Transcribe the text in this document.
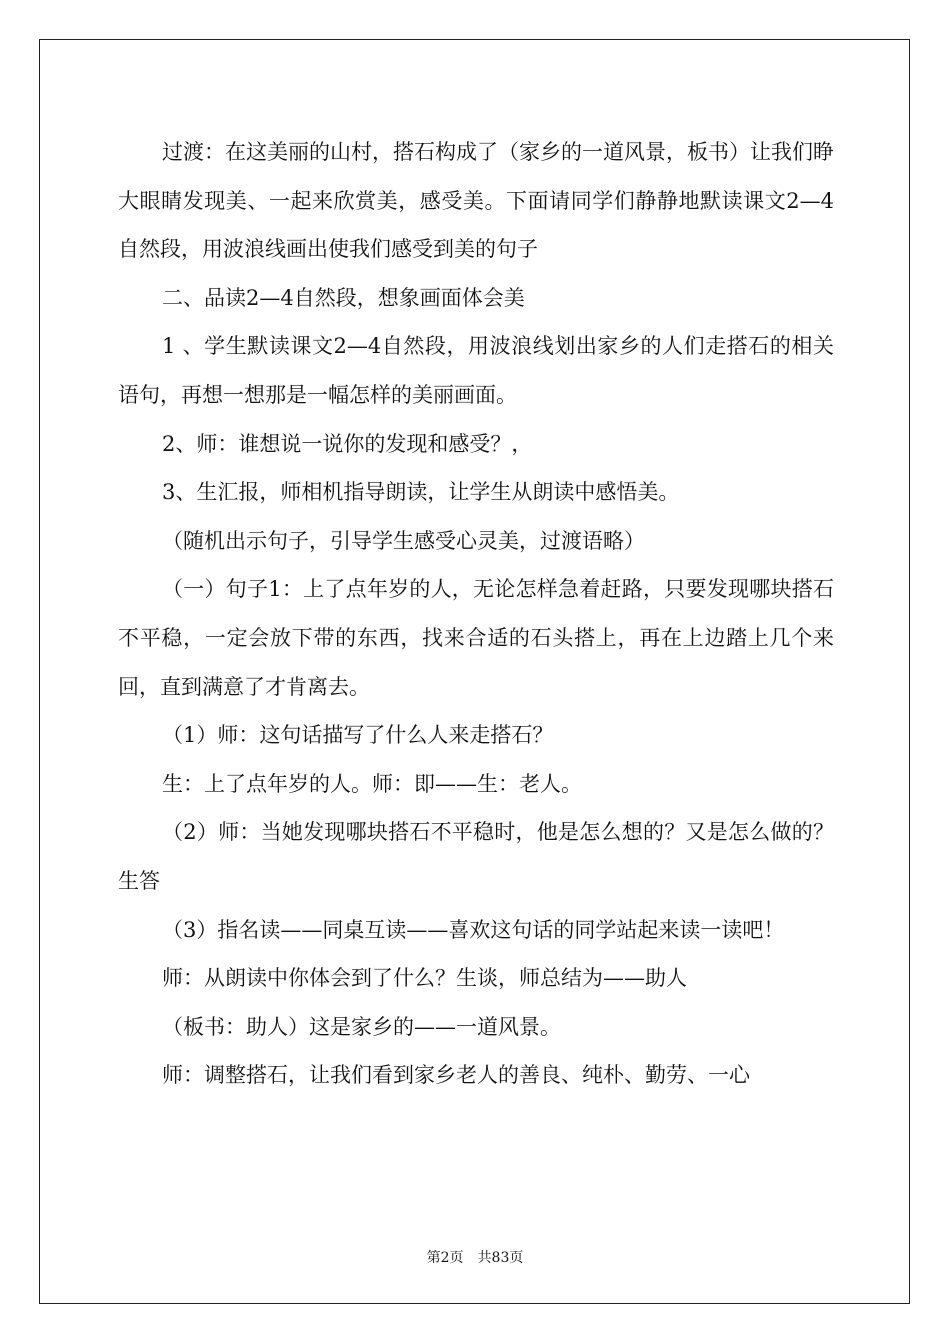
过渡：在这美丽的山村，搭石构成了（家乡的一道风景，板书）让我们睁大眼睛发现美、一起来欣赏美，感受美。下面请同学们静静地默读课文2—4自然段，用波浪线画出使我们感受到美的句子

二、品读2—4自然段，想象画面体会美

1 、学生默读课文2—4自然段，用波浪线划出家乡的人们走搭石的相关语句，再想一想那是一幅怎样的美丽画面。

2、师：谁想说一说你的发现和感受？，

3、生汇报，师相机指导朗读，让学生从朗读中感悟美。

（随机出示句子，引导学生感受心灵美，过渡语略）

（一）句子1：上了点年岁的人，无论怎样急着赶路，只要发现哪块搭石不平稳，一定会放下带的东西，找来合适的石头搭上，再在上边踏上几个来回，直到满意了才肯离去。

（1）师：这句话描写了什么人来走搭石？

生：上了点年岁的人。师：即——生：老人。

（2）师：当她发现哪块搭石不平稳时，他是怎么想的？又是怎么做的？生答

（3）指名读——同桌互读——喜欢这句话的同学站起来读一读吧！

师：从朗读中你体会到了什么？生谈，师总结为——助人

（板书：助人）这是家乡的——一道风景。

师：调整搭石，让我们看到家乡老人的善良、纯朴、勤劳、一心

第2页 共83页
